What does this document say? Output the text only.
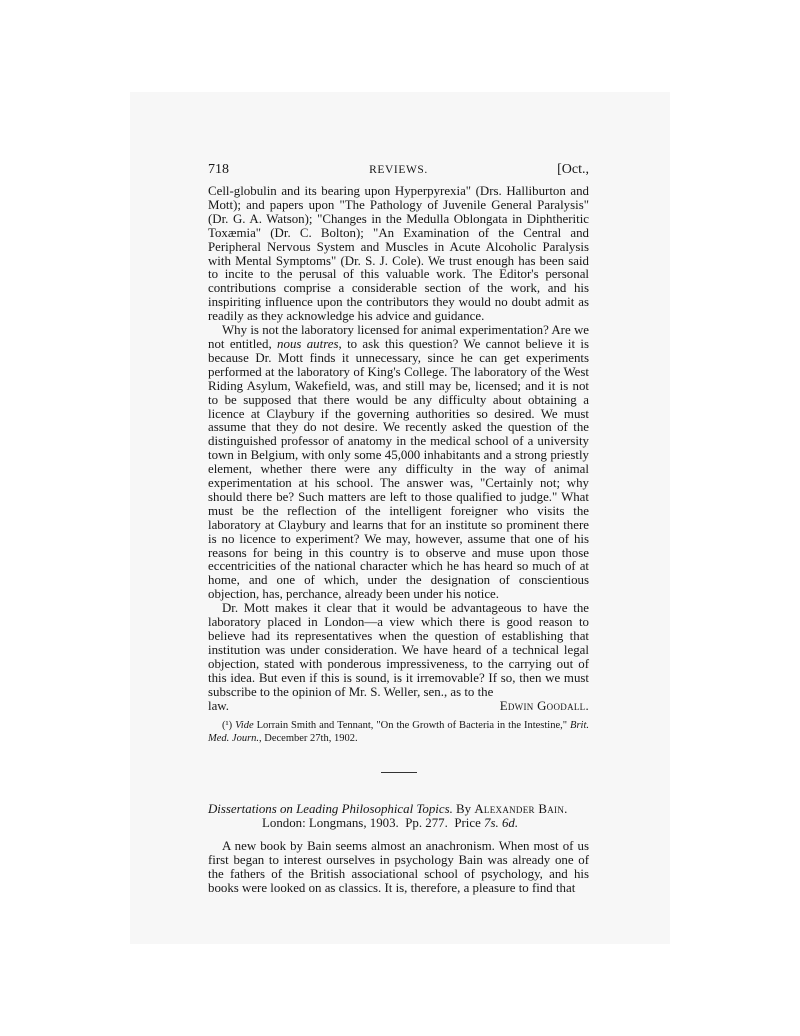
718	REVIEWS.	[Oct.,

Cell-globulin and its bearing upon Hyperpyrexia" (Drs. Halliburton and Mott); and papers upon "The Pathology of Juvenile General Paralysis" (Dr. G. A. Watson); "Changes in the Medulla Oblongata in Diphtheritic Toxæmia" (Dr. C. Bolton); "An Examination of the Central and Peripheral Nervous System and Muscles in Acute Alcoholic Paralysis with Mental Symptoms" (Dr. S. J. Cole). We trust enough has been said to incite to the perusal of this valuable work. The Editor's personal contributions comprise a considerable section of the work, and his inspiriting influence upon the contributors they would no doubt admit as readily as they acknowledge his advice and guidance.

Why is not the laboratory licensed for animal experimentation? Are we not entitled, nous autres, to ask this question? We cannot believe it is because Dr. Mott finds it unnecessary, since he can get experiments performed at the laboratory of King's College. The laboratory of the West Riding Asylum, Wakefield, was, and still may be, licensed; and it is not to be supposed that there would be any difficulty about obtaining a licence at Claybury if the governing authorities so desired. We must assume that they do not desire. We recently asked the question of the distinguished professor of anatomy in the medical school of a university town in Belgium, with only some 45,000 inhabitants and a strong priestly element, whether there were any difficulty in the way of animal experimentation at his school. The answer was, "Certainly not; why should there be? Such matters are left to those qualified to judge." What must be the reflection of the intelligent foreigner who visits the laboratory at Claybury and learns that for an institute so prominent there is no licence to experiment? We may, however, assume that one of his reasons for being in this country is to observe and muse upon those eccentricities of the national character which he has heard so much of at home, and one of which, under the designation of conscientious objection, has, perchance, already been under his notice.

Dr. Mott makes it clear that it would be advantageous to have the laboratory placed in London—a view which there is good reason to believe had its representatives when the question of establishing that institution was under consideration. We have heard of a technical legal objection, stated with ponderous impressiveness, to the carrying out of this idea. But even if this is sound, is it irremovable? If so, then we must subscribe to the opinion of Mr. S. Weller, sen., as to the

law.	Edwin Goodall.

(¹) Vide Lorrain Smith and Tennant, "On the Growth of Bacteria in the Intestine," Brit. Med. Journ., December 27th, 1902.

Dissertations on Leading Philosophical Topics. By Alexander Bain.
London: Longmans, 1903. Pp. 277. Price 7s. 6d.

A new book by Bain seems almost an anachronism. When most of us first began to interest ourselves in psychology Bain was already one of the fathers of the British associational school of psychology, and his books were looked on as classics. It is, therefore, a pleasure to find that
